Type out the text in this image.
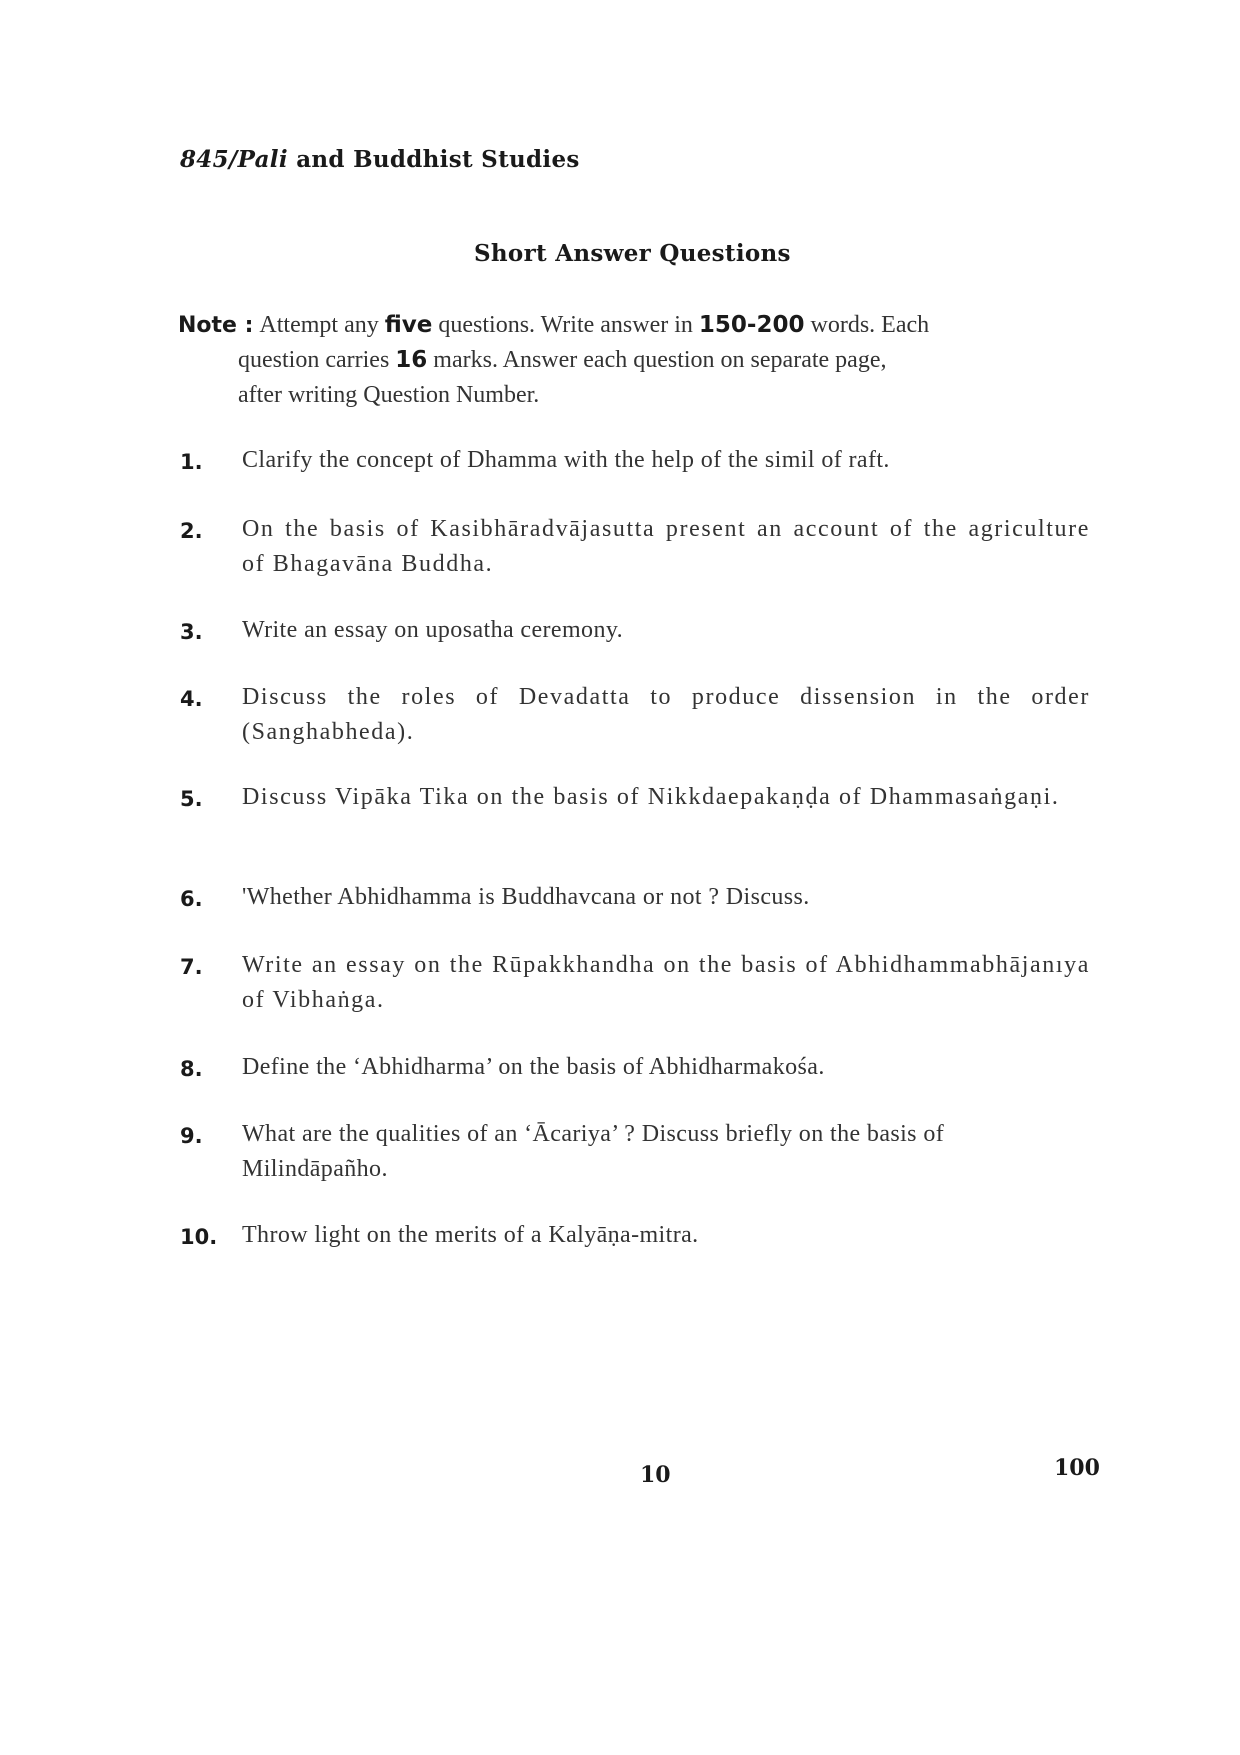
845/Pali and Buddhist Studies
Short Answer Questions
Note : Attempt any five questions. Write answer in 150-200 words. Each
question carries 16 marks. Answer each question on separate page,
after writing Question Number.
1.	Clarify the concept of Dhamma with the help of the simil of raft.
2.	On the basis of Kasibhāradvājasutta present an account of the agriculture of Bhagavāna Buddha.
3.	Write an essay on uposatha ceremony.
4.	Discuss the roles of Devadatta to produce dissension in the order (Sanghabheda).
5.	Discuss Vipāka Tika on the basis of Nikkdaepakaṇḍa of Dhammasaṅgaṇi.
6.	'Whether Abhidhamma is Buddhavcana or not ? Discuss.
7.	Write an essay on the Rūpakkhandha on the basis of Abhidhammabhājanıya of Vibhaṅga.
8.	Define the ‘Abhidharma’ on the basis of Abhidharmakośa.
9.	What are the qualities of an ‘Ācariya’ ? Discuss briefly on the basis of Milindāpañho.
10.	Throw light on the merits of a Kalyāṇa-mitra.
10	100
